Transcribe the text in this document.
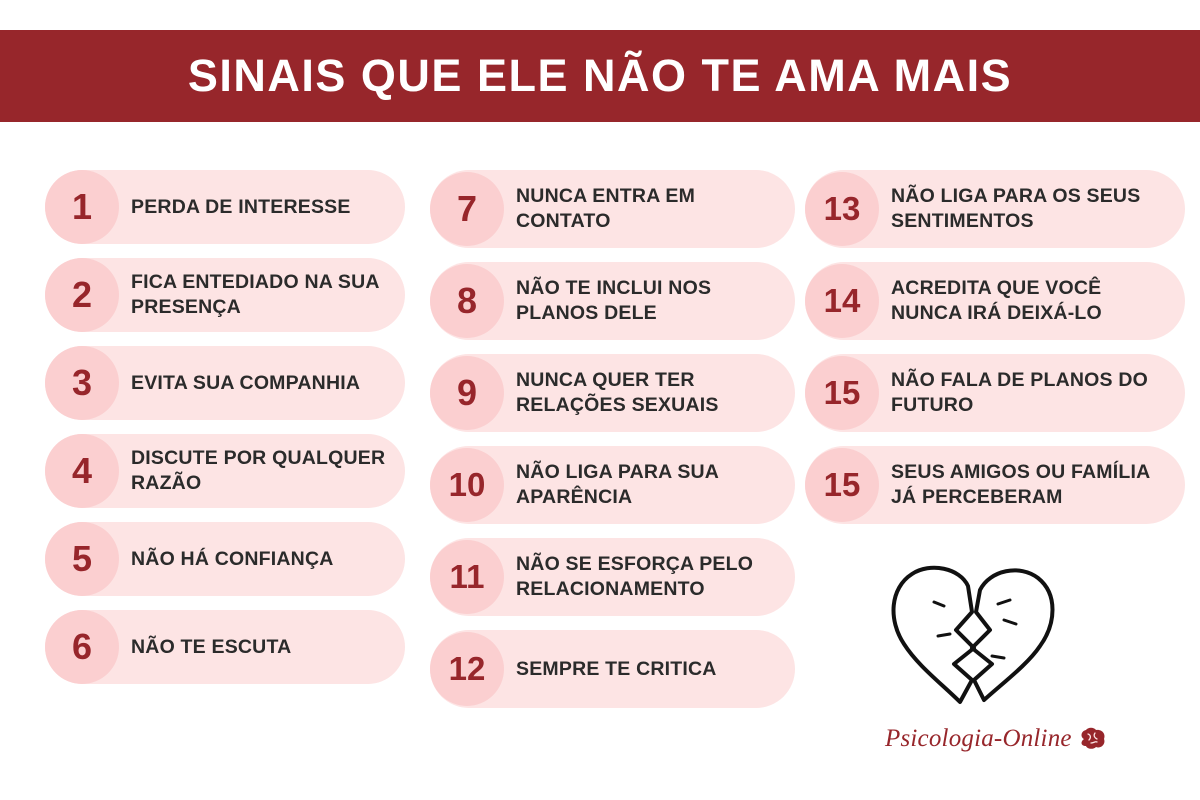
SINAIS QUE ELE NÃO TE AMA MAIS
1	PERDA DE INTERESSE
2	FICA ENTEDIADO NA SUA PRESENÇA
3	EVITA SUA COMPANHIA
4	DISCUTE POR QUALQUER RAZÃO
5	NÃO HÁ CONFIANÇA
6	NÃO TE ESCUTA
7	NUNCA ENTRA EM CONTATO
8	NÃO TE INCLUI NOS PLANOS DELE
9	NUNCA QUER TER RELAÇÕES SEXUAIS
10	NÃO LIGA PARA SUA APARÊNCIA
11	NÃO SE ESFORÇA PELO RELACIONAMENTO
12	SEMPRE TE CRITICA
13	NÃO LIGA PARA OS SEUS SENTIMENTOS
14	ACREDITA QUE VOCÊ NUNCA IRÁ DEIXÁ-LO
15	NÃO FALA DE PLANOS DO FUTURO
15	SEUS AMIGOS OU FAMÍLIA JÁ PERCEBERAM
Psicologia-Online
